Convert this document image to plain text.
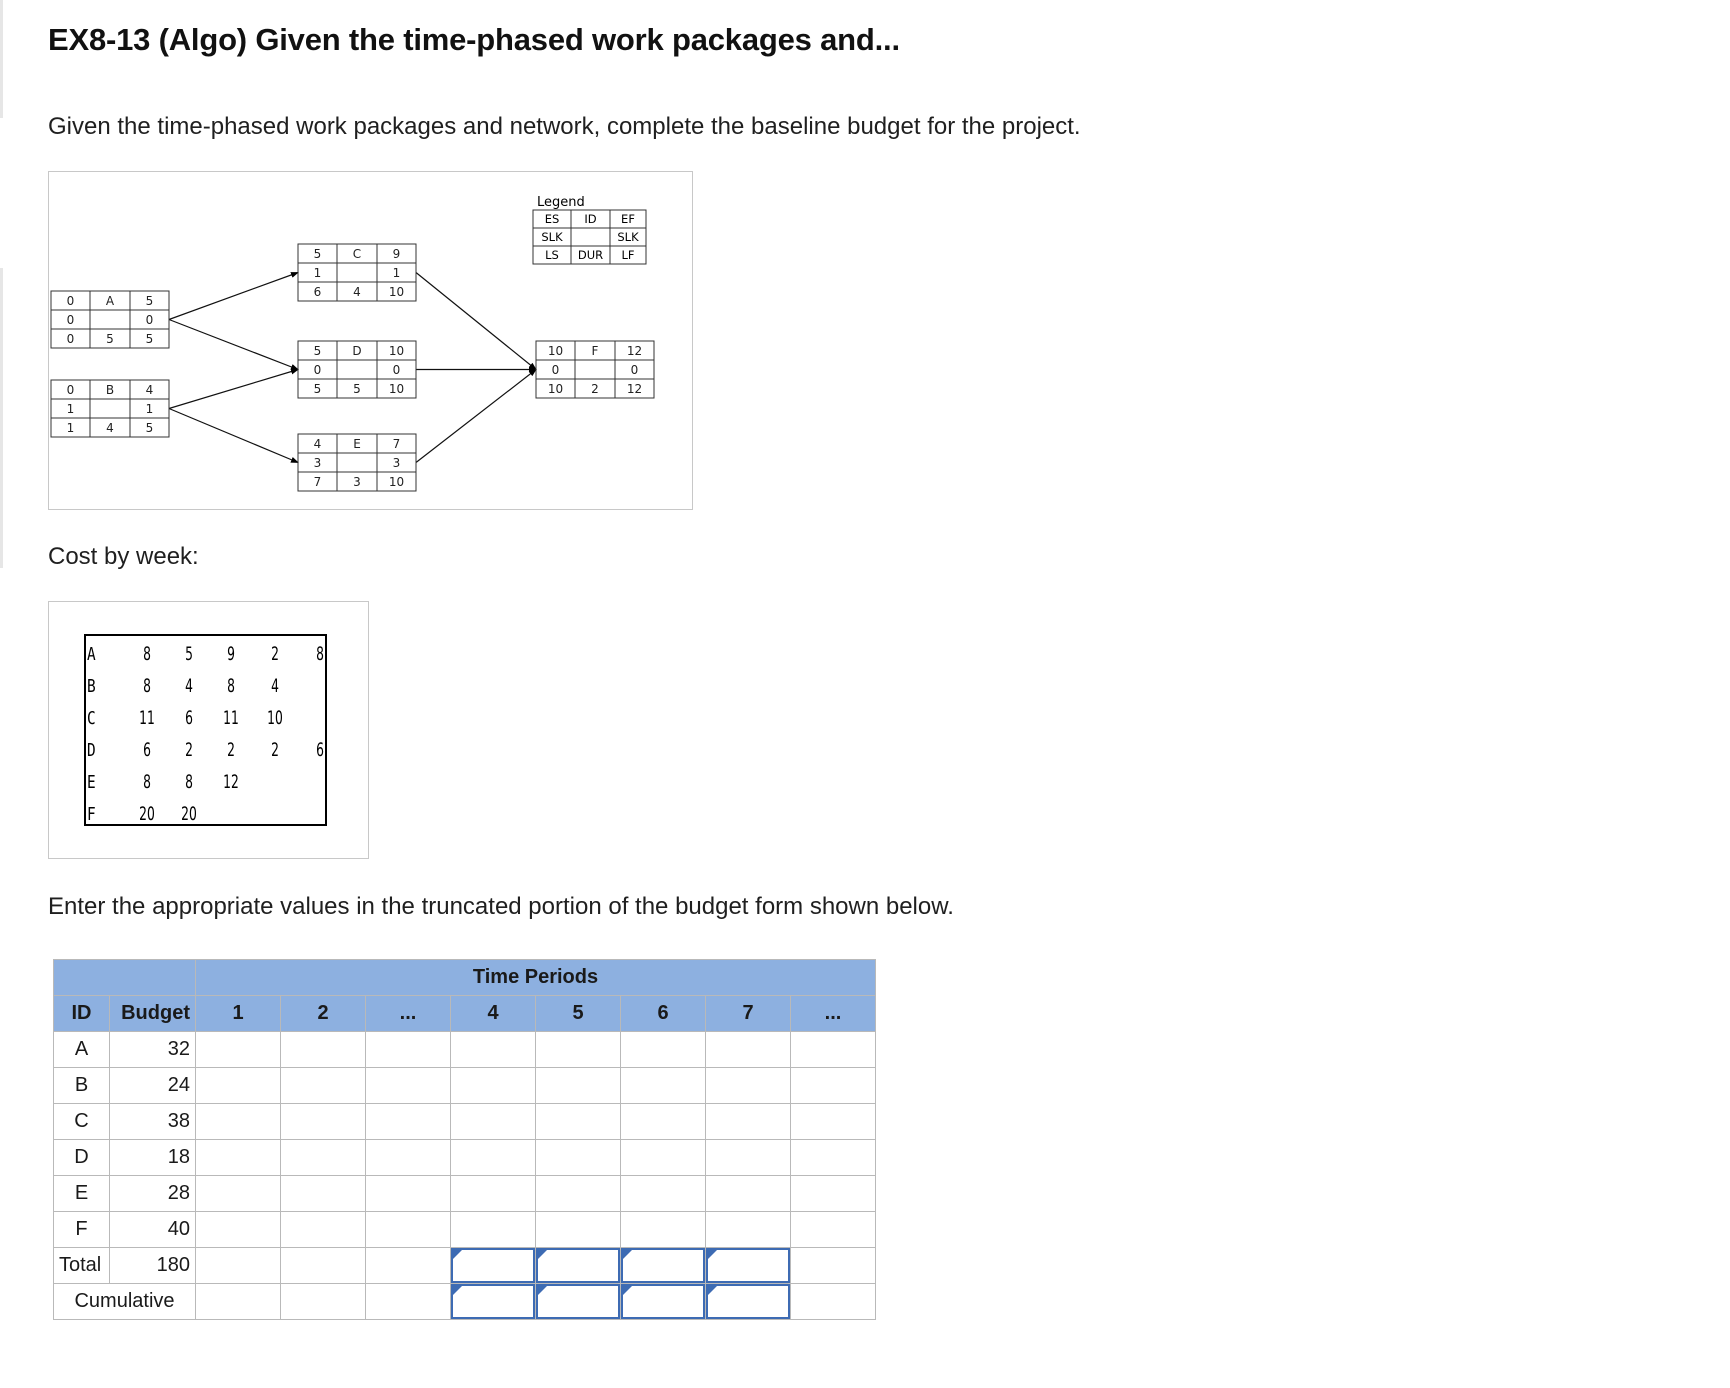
EX8-13 (Algo) Given the time-phased work packages and...

Given the time-phased work packages and network, complete the baseline budget for the project.

0	A	5
0	0
0	5	5
0	B	4
1	1
1	4	5
5	C	9
1	1
6	4 10
5	D 10
0	0
5	5 10
4	E	7
3	3
7	3 10
10 F 12
0	0
10 2 12
Legend
ES ID EF
SLK	SLK
LS DUR LF

Cost by week:

A 8 5 9 2 8
B 8 4 8 4
C 11 6 11 10
D 6 2 2 2 6
E 8 8 12
F 20 20

Enter the appropriate values in the truncated portion of the budget form shown below.

		Time Periods							
ID	Budget	1	2	...	4	5	6	7	...
A	32								
B	24								
C	38								
D	18								
E	28								
F	40								
Total	180				

Cumulative				
